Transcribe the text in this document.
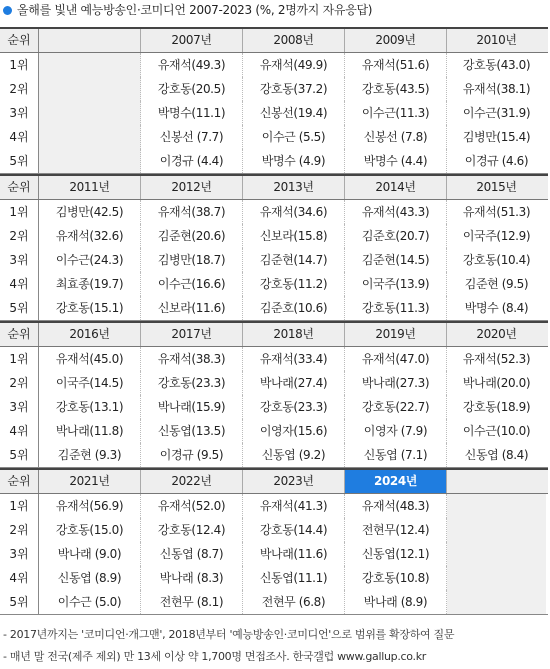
올해를 빛낸 예능방송인·코미디언 2007-2023 (%, 2명까지 자유응답)
순위	2007년	2008년	2009년	2010년
1위	유재석(49.3)	유재석(49.9)	유재석(51.6)	강호동(43.0)
2위	강호동(20.5)	강호동(37.2)	강호동(43.5)	유재석(38.1)
3위	박명수(11.1)	신봉선(19.4)	이수근(11.3)	이수근(31.9)
4위	신봉선 (7.7)	이수근 (5.5)	신봉선 (7.8)	김병만(15.4)
5위	이경규 (4.4)	박명수 (4.9)	박명수 (4.4)	이경규 (4.6)
순위	2011년	2012년	2013년	2014년	2015년
1위	김병만(42.5)	유재석(38.7)	유재석(34.6)	유재석(43.3)	유재석(51.3)
2위	유재석(32.6)	김준현(20.6)	신보라(15.8)	김준호(20.7)	이국주(12.9)
3위	이수근(24.3)	김병만(18.7)	김준현(14.7)	김준현(14.5)	강호동(10.4)
4위	최효종(19.7)	이수근(16.6)	강호동(11.2)	이국주(13.9)	김준현 (9.5)
5위	강호동(15.1)	신보라(11.6)	김준호(10.6)	강호동(11.3)	박명수 (8.4)
순위	2016년	2017년	2018년	2019년	2020년
1위	유재석(45.0)	유재석(38.3)	유재석(33.4)	유재석(47.0)	유재석(52.3)
2위	이국주(14.5)	강호동(23.3)	박나래(27.4)	박나래(27.3)	박나래(20.0)
3위	강호동(13.1)	박나래(15.9)	강호동(23.3)	강호동(22.7)	강호동(18.9)
4위	박나래(11.8)	신동엽(13.5)	이영자(15.6)	이영자 (7.9)	이수근(10.0)
5위	김준현 (9.3)	이경규 (9.5)	신동엽 (9.2)	신동엽 (7.1)	신동엽 (8.4)
순위	2021년	2022년	2023년	2024년
1위	유재석(56.9)	유재석(52.0)	유재석(41.3)	유재석(48.3)
2위	강호동(15.0)	강호동(12.4)	강호동(14.4)	전현무(12.4)
3위	박나래 (9.0)	신동엽 (8.7)	박나래(11.6)	신동엽(12.1)
4위	신동엽 (8.9)	박나래 (8.3)	신동엽(11.1)	강호동(10.8)
5위	이수근 (5.0)	전현무 (8.1)	전현무 (6.8)	박나래 (8.9)
- 2017년까지는 '코미디언·개그맨', 2018년부터 '예능방송인·코미디언'으로 범위를 확장하여 질문
- 매년 말 전국(제주 제외) 만 13세 이상 약 1,700명 면접조사. 한국갤럽 www.gallup.co.kr
